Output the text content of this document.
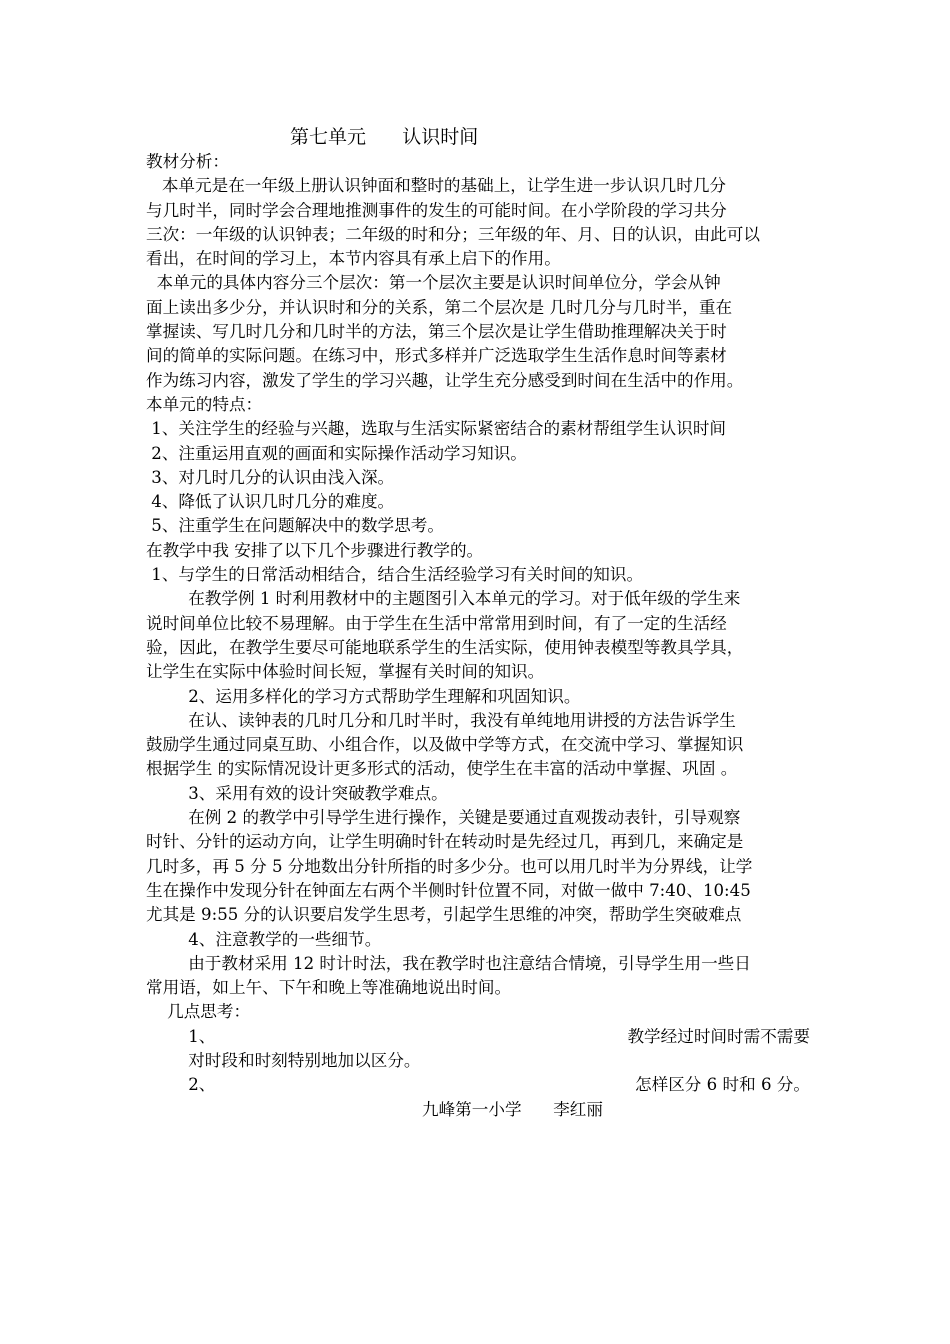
第七单元      认识时间
教材分析：
本单元是在一年级上册认识钟面和整时的基础上，让学生进一步认识几时几分
与几时半，同时学会合理地推测事件的发生的可能时间。在小学阶段的学习共分
三次：一年级的认识钟表；二年级的时和分；三年级的年、月、日的认识，由此可以
看出，在时间的学习上，本节内容具有承上启下的作用。
本单元的具体内容分三个层次：第一个层次主要是认识时间单位分，学会从钟
面上读出多少分，并认识时和分的关系，第二个层次是 几时几分与几时半，重在
掌握读、写几时几分和几时半的方法，第三个层次是让学生借助推理解决关于时
间的简单的实际问题。在练习中，形式多样并广泛选取学生生活作息时间等素材
作为练习内容，激发了学生的学习兴趣，让学生充分感受到时间在生活中的作用。
本单元的特点：
1、关注学生的经验与兴趣，选取与生活实际紧密结合的素材帮组学生认识时间
2、注重运用直观的画面和实际操作活动学习知识。
3、对几时几分的认识由浅入深。
4、降低了认识几时几分的难度。
5、注重学生在问题解决中的数学思考。
在教学中我 安排了以下几个步骤进行教学的。
1、与学生的日常活动相结合，结合生活经验学习有关时间的知识。
在教学例 1 时利用教材中的主题图引入本单元的学习。对于低年级的学生来
说时间单位比较不易理解。由于学生在生活中常常用到时间，有了一定的生活经
验，因此，在教学生要尽可能地联系学生的生活实际，使用钟表模型等教具学具，
让学生在实际中体验时间长短，掌握有关时间的知识。
2、运用多样化的学习方式帮助学生理解和巩固知识。
在认、读钟表的几时几分和几时半时，我没有单纯地用讲授的方法告诉学生
鼓励学生通过同桌互助、小组合作，以及做中学等方式，在交流中学习、掌握知识
根据学生 的实际情况设计更多形式的活动，使学生在丰富的活动中掌握、巩固 。
3、采用有效的设计突破教学难点。
在例 2 的教学中引导学生进行操作，关键是要通过直观拨动表针，引导观察
时针、分针的运动方向，让学生明确时针在转动时是先经过几，再到几，来确定是
几时多，再 5 分 5 分地数出分针所指的时多少分。也可以用几时半为分界线，让学
生在操作中发现分针在钟面左右两个半侧时针位置不同，对做一做中 7:40、10:45
尤其是 9:55 分的认识要启发学生思考，引起学生思维的冲突，帮助学生突破难点
4、注意教学的一些细节。
由于教材采用 12 时计时法，我在教学时也注意结合情境，引导学生用一些日
常用语，如上午、下午和晚上等准确地说出时间。
几点思考：
1、	教学经过时间时需不需要
对时段和时刻特别地加以区分。
2、	怎样区分 6 时和 6 分。
九峰第一小学      李红丽
